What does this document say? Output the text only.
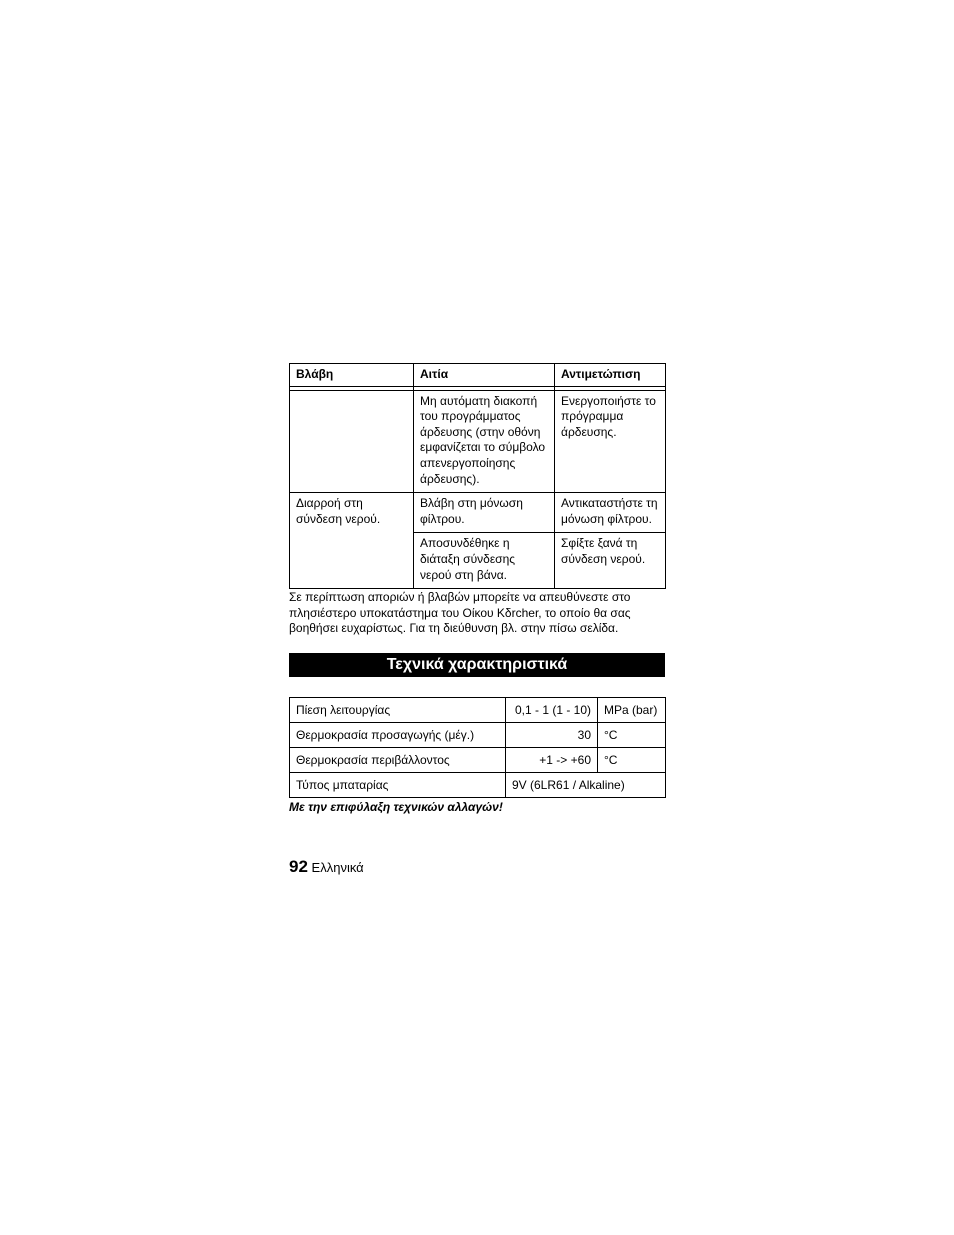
Βλάβη	Αιτία	Αντιμετώπιση

	Μη αυτόματη διακοπή του προγράμματος άρδευσης (στην οθόνη εμφανίζεται το σύμβολο απενεργοποίησης άρδευσης).	Ενεργοποιήστε το πρόγραμμα άρδευσης.
Διαρροή στη σύνδεση νερού.	Βλάβη στη μόνωση φίλτρου.	Αντικαταστήστε τη μόνωση φίλτρου.
	Αποσυνδέθηκε η διάταξη σύνδεσης νερού στη βάνα.	Σφίξτε ξανά τη σύνδεση νερού.

Σε περίπτωση αποριών ή βλαβών μπορείτε να απευθύνεστε στο πλησιέστερο υποκατάστημα του Οίκου Kδrcher, το οποίο θα σας βοηθήσει ευχαρίστως. Για τη διεύθυνση βλ. στην πίσω σελίδα.

Τεχνικά χαρακτηριστικά
Πίεση λειτουργίας	0,1 - 1 (1 - 10)	MPa (bar)
Θερμοκρασία προσαγωγής (μέγ.)	30	°C
Θερμοκρασία περιβάλλοντος	+1 -> +60	°C
Τύπος μπαταρίας	9V (6LR61 / Alkaline)	
Με την επιφύλαξη τεχνικών αλλαγών!
92 Ελληνικά
